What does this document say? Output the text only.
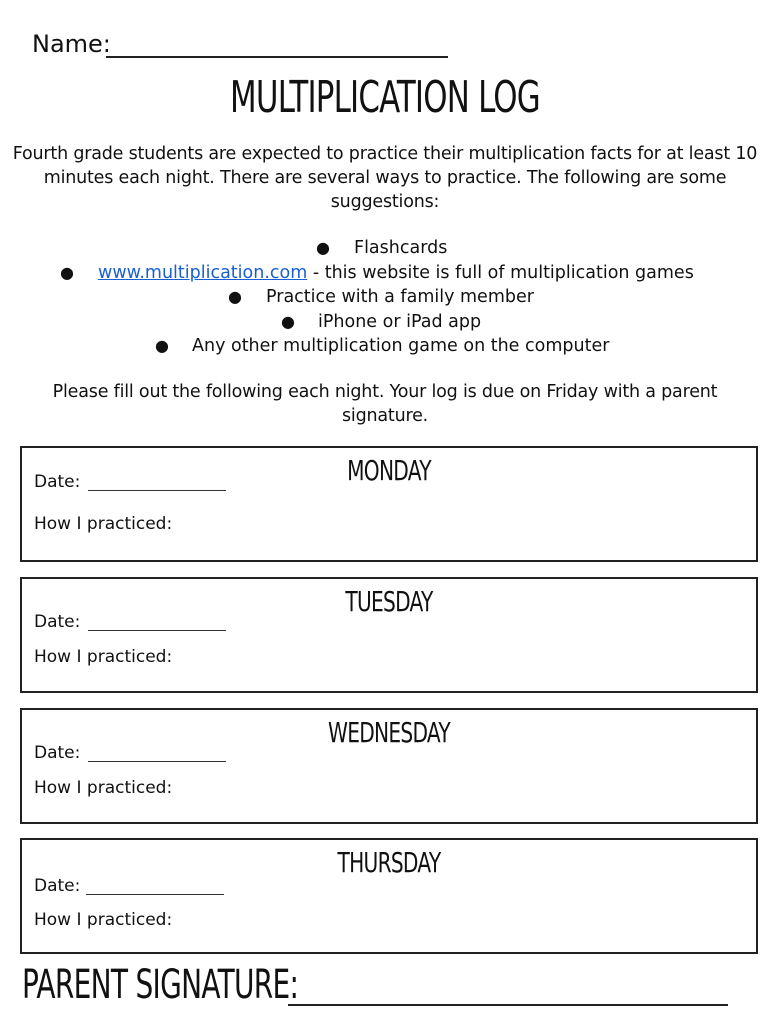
Name:
MULTIPLICATION LOG
Fourth grade students are expected to practice their multiplication facts for at least 10 minutes each night. There are several ways to practice. The following are some suggestions:
● Flashcards
● www.multiplication.com - this website is full of multiplication games
● Practice with a family member
● iPhone or iPad app
● Any other multiplication game on the computer
Please fill out the following each night. Your log is due on Friday with a parent signature.
MONDAY
Date:
How I practiced:
TUESDAY
Date:
How I practiced:
WEDNESDAY
Date:
How I practiced:
THURSDAY
Date:
How I practiced:
PARENT SIGNATURE:
